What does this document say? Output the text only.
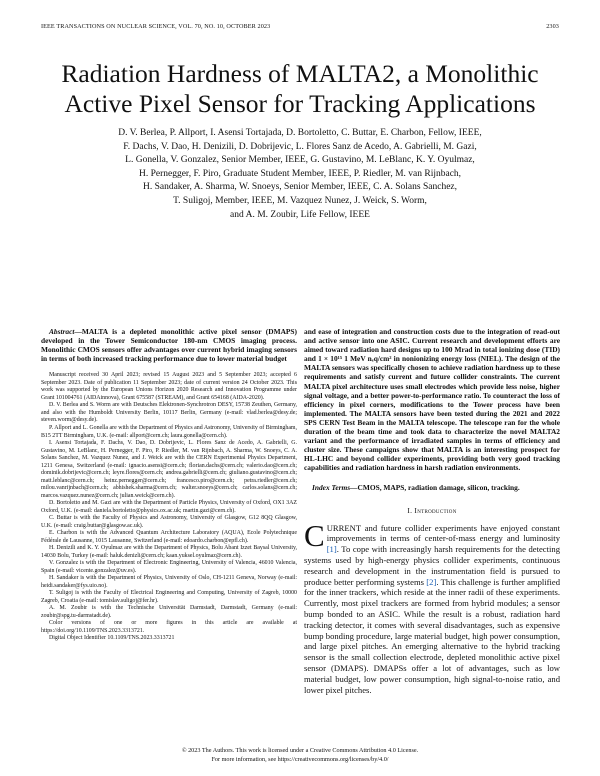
IEEE TRANSACTIONS ON NUCLEAR SCIENCE, VOL. 70, NO. 10, OCTOBER 2023	2303
Radiation Hardness of MALTA2, a Monolithic Active Pixel Sensor for Tracking Applications
D. V. Berlea, P. Allport, I. Asensi Tortajada, D. Bortoletto, C. Buttar, E. Charbon, Fellow, IEEE,
F. Dachs, V. Dao, H. Denizili, D. Dobrijevic, L. Flores Sanz de Acedo, A. Gabrielli, M. Gazi,
L. Gonella, V. Gonzalez, Senior Member, IEEE, G. Gustavino, M. LeBlanc, K. Y. Oyulmaz,
H. Pernegger, F. Piro, Graduate Student Member, IEEE, P. Riedler, M. van Rijnbach,
H. Sandaker, A. Sharma, W. Snoeys, Senior Member, IEEE, C. A. Solans Sanchez,
T. Suligoj, Member, IEEE, M. Vazquez Nunez, J. Weick, S. Worm,
and A. M. Zoubir, Life Fellow, IEEE

Abstract—MALTA is a depleted monolithic active pixel sensor (DMAPS) developed in the Tower Semiconductor 180-nm CMOS imaging process. Monolithic CMOS sensors offer advantages over current hybrid imaging sensors in terms of both increased tracking performance due to lower material budget

Manuscript received 30 April 2023; revised 15 August 2023 and 5 September 2023; accepted 6 September 2023. Date of publication 11 September 2023; date of current version 24 October 2023. This work was supported by the European Unions Horizon 2020 Research and Innovation Programme under Grant 101004761 (AIDAinnova), Grant 675587 (STREAM), and Grant 654168 (AIDA-2020).

D. V. Berlea and S. Worm are with Deutsches Elektronen-Synchrotron DESY, 15738 Zeuthen, Germany, and also with the Humboldt University Berlin, 10117 Berlin, Germany (e-mail: vlad.berlea@desy.de; steven.worm@desy.de).

P. Allport and L. Gonella are with the Department of Physics and Astronomy, University of Birmingham, B15 2TT Birmingham, U.K. (e-mail: allport@cern.ch; laura.gonella@cern.ch).

I. Asensi Tortajada, F. Dachs, V. Dao, D. Dobrijevic, L. Flores Sanz de Acedo, A. Gabrielli, G. Gustavino, M. LeBlanc, H. Pernegger, F. Piro, P. Riedler, M. van Rijnbach, A. Sharma, W. Snoeys, C. A. Solans Sanchez, M. Vazquez Nunez, and J. Weick are with the CERN Experimental Physics Department, 1211 Genesa, Switzerland (e-mail: ignacio.asensi@cern.ch; florian.dachs@cern.ch; valerio.dao@cern.ch; dominik.dobrijevic@cern.ch; leyre.flores@cern.ch; andrea.gabrielli@cern.ch; giuliano.gustavino@cern.ch; matt.leblanc@cern.ch; heinz.pernegger@cern.ch; francesco.piro@cern.ch; petra.riedler@cern.ch; milou.vanrijnbach@cern.ch; abhishek.sharma@cern.ch; walter.snoeys@cern.ch; carlos.solans@cern.ch; marcos.vazquez.nunez@cern.ch; julian.weick@cern.ch).

D. Bortoletto and M. Gazi are with the Department of Particle Physics, University of Oxford, OX1 3AZ Oxford, U.K. (e-mail: daniela.bortoletto@physics.ox.ac.uk; martin.gazi@cern.ch).

C. Buttar is with the Faculty of Physics and Astronomy, University of Glasgow, G12 8QQ Glasgow, U.K. (e-mail: craig.buttar@glasgow.ac.uk).

E. Charbon is with the Advanced Quantum Architecture Laboratory (AQUA), Ecole Polytechnique Fédérale de Lausanne, 1015 Lausanne, Switzerland (e-mail: edoardo.charbon@epfl.ch).

H. Denizili and K. Y. Oyulmaz are with the Department of Physics, Bolu Abant Izzet Baysal University, 14030 Bolu, Turkey (e-mail: haluk.denizli@cern.ch; kaan.yuksel.oyulmaz@cern.ch).

V. Gonzalez is with the Department of Electronic Engineering, University of Valencia, 46010 Valencia, Spain (e-mail: vicente.gonzalez@uv.es).

H. Sandaker is with the Department of Physics, University of Oslo, CH-1211 Geneva, Norway (e-mail: heidi.sandaker@fys.uio.no).

T. Suligoj is with the Faculty of Electrical Engineering and Computing, University of Zagreb, 10000 Zagreb, Croatia (e-mail: tomislav.suligoj@fer.hr).

A. M. Zoubir is with the Technische Universität Darmstadt, Darmstadt, Germany (e-mail: zoubir@spg.tu-darmstadt.de).

Color versions of one or more figures in this article are available at https://doi.org/10.1109/TNS.2023.3313721.

Digital Object Identifier 10.1109/TNS.2023.3313721

and ease of integration and construction costs due to the integration of read-out and active sensor into one ASIC. Current research and development efforts are aimed toward radiation hard designs up to 100 Mrad in total ionizing dose (TID) and 1 × 10¹⁵ 1 MeV nₑq/cm² in nonionizing energy loss (NIEL). The design of the MALTA sensors was specifically chosen to achieve radiation hardness up to these requirements and satisfy current and future collider constraints. The current MALTA pixel architecture uses small electrodes which provide less noise, higher signal voltage, and a better power-to-performance ratio. To counteract the loss of efficiency in pixel corners, modifications to the Tower process have been implemented. The MALTA sensors have been tested during the 2021 and 2022 SPS CERN Test Beam in the MALTA telescope. The telescope ran for the whole duration of the beam time and took data to characterize the novel MALTA2 variant and the performance of irradiated samples in terms of efficiency and cluster size. These campaigns show that MALTA is an interesting prospect for HL-LHC and beyond collider experiments, providing both very good tracking capabilities and radiation hardness in harsh radiation environments.

Index Terms—CMOS, MAPS, radiation damage, silicon, tracking.

I. Introduction

CURRENT and future collider experiments have enjoyed constant improvements in terms of center-of-mass energy and luminosity [1]. To cope with increasingly harsh requirements for the detecting systems used by high-energy physics collider experiments, continuous research and development in the instrumentation field is pursued to produce better performing systems [2]. This challenge is further amplified for the inner trackers, which reside at the inner radii of these experiments. Currently, most pixel trackers are formed from hybrid modules; a sensor bump bonded to an ASIC. While the result is a robust, radiation hard tracking detector, it comes with several disadvantages, such as expensive bump bonding procedure, large material budget, high power consumption, and large pixel pitches. An emerging alternative to the hybrid tracking sensor is the small collection electrode, depleted monolithic active pixel sensor (DMAPS). DMAPSs offer a lot of advantages, such as low material budget, low power consumption, high signal-to-noise ratio, and lower pixel pitches.

© 2023 The Authors. This work is licensed under a Creative Commons Attribution 4.0 License.
For more information, see https://creativecommons.org/licenses/by/4.0/
